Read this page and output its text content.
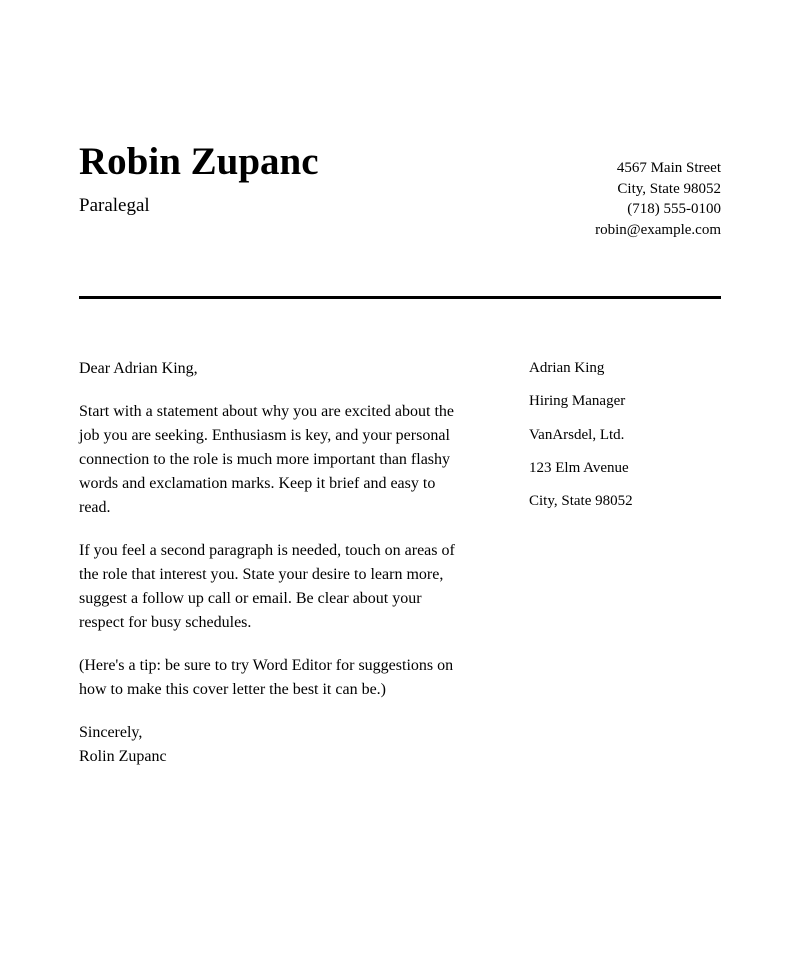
Robin Zupanc
Paralegal
4567 Main Street
City, State 98052
(718) 555-0100
robin@example.com

Dear Adrian King,

Start with a statement about why you are excited about the job you are seeking. Enthusiasm is key, and your personal connection to the role is much more important than flashy words and exclamation marks. Keep it brief and easy to read.

If you feel a second paragraph is needed, touch on areas of the role that interest you. State your desire to learn more, suggest a follow up call or email. Be clear about your respect for busy schedules.

(Here's a tip: be sure to try Word Editor for suggestions on how to make this cover letter the best it can be.)

Sincerely,
Rolin Zupanc
Adrian King
Hiring Manager
VanArsdel, Ltd.
123 Elm Avenue
City, State 98052
